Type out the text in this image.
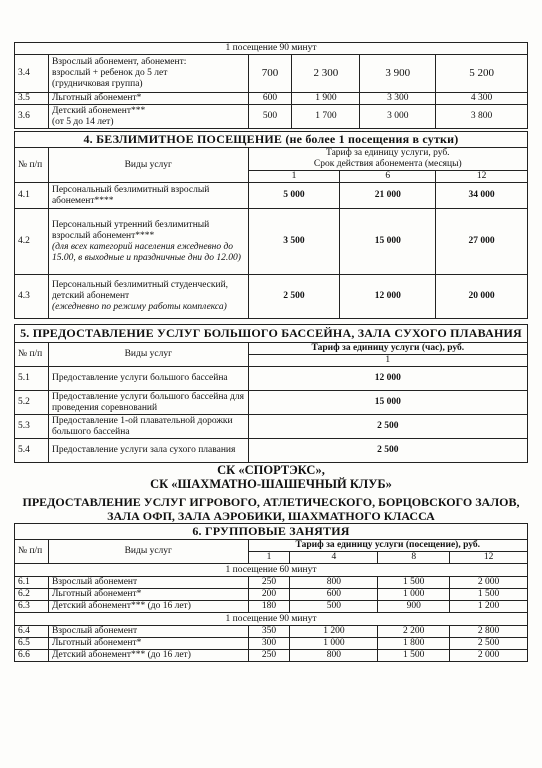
1 посещение 90 минут					
3.4	Взрослый абонемент, абонемент:
взрослый + ребенок до 5 лет
(грудничковая группа)	700	2 300	3 900	5 200
3.5	Льготный абонемент*	600	1 900	3 300	4 300
3.6	Детский абонемент***
(от 5 до 14 лет)	500	1 700	3 000	3 800
4. БЕЗЛИМИТНОЕ ПОСЕЩЕНИЕ (не более 1 посещения в сутки)				
№ п/п	Виды услуг	Тариф за единицу услуги, руб.
Срок действия абонемента (месяцы)		

		1	6	12
4.1	Персональный безлимитный взрослый абонемент****	5 000	21 000	34 000
4.2	Персональный утренний безлимитный взрослый абонемент****
(для всех категорий населения ежедневно до 15.00, в выходные и праздничные дни до 12.00)	3 500	15 000	27 000
4.3	Персональный безлимитный студенческий, детский абонемент
(ежедневно по режиму работы комплекса)	2 500	12 000	20 000
5. ПРЕДОСТАВЛЕНИЕ УСЛУГ БОЛЬШОГО БАССЕЙНА, ЗАЛА СУХОГО ПЛАВАНИЯ		
№ п/п	Виды услуг	Тариф за единицу услуги (час), руб.
		1
5.1	Предоставление услуги большого бассейна	12 000
5.2	Предоставление услуги большого бассейна для проведения соревнований	15 000
5.3	Предоставление 1-ой плавательной дорожки большого бассейна	2 500
5.4	Предоставление услуги зала сухого плавания	2 500
СК «СПОРТЭКС»,
СК «ШАХМАТНО-ШАШЕЧНЫЙ КЛУБ»
ПРЕДОСТАВЛЕНИЕ УСЛУГ ИГРОВОГО, АТЛЕТИЧЕСКОГО, БОРЦОВСКОГО ЗАЛОВ,
ЗАЛА ОФП, ЗАЛА АЭРОБИКИ, ШАХМАТНОГО КЛАССА
6. ГРУППОВЫЕ ЗАНЯТИЯ					
№ п/п	Виды услуг	Тариф за единицу услуги (посещение), руб.			
		1	4	8	12
1 посещение 60 минут					
6.1	Взрослый абонемент	250	800	1 500	2 000
6.2	Льготный абонемент*	200	600	1 000	1 500
6.3	Детский абонемент*** (до 16 лет)	180	500	900	1 200
1 посещение 90 минут					
6.4	Взрослый абонемент	350	1 200	2 200	2 800
6.5	Льготный абонемент*	300	1 000	1 800	2 500
6.6	Детский абонемент*** (до 16 лет)	250	800	1 500	2 000
